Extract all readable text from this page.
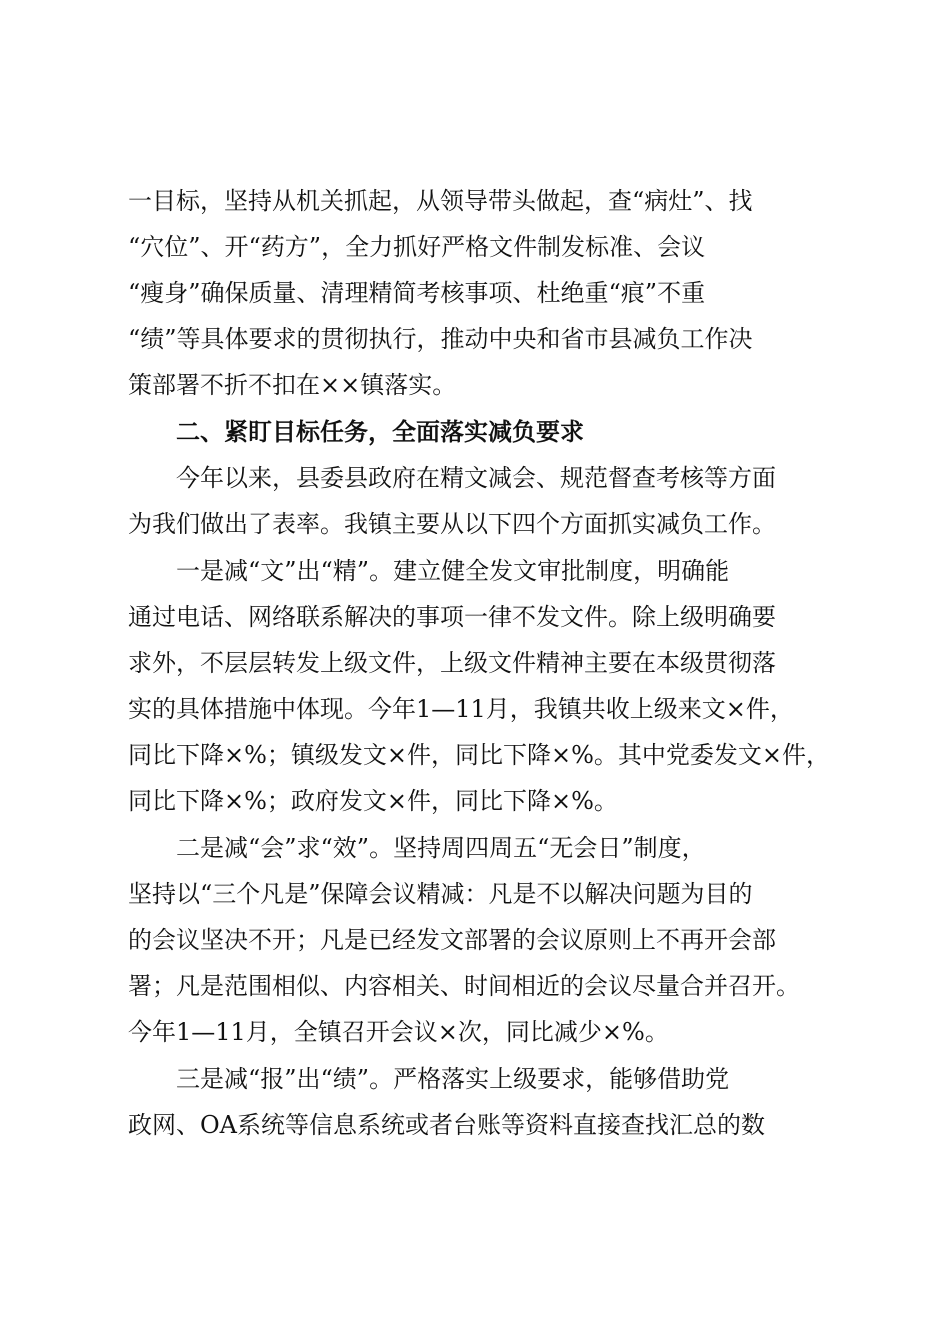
一目标，坚持从机关抓起，从领导带头做起，查“病灶”、找
“穴位”、开“药方”，全力抓好严格文件制发标准、会议
“瘦身”确保质量、清理精简考核事项、杜绝重“痕”不重
“绩”等具体要求的贯彻执行，推动中央和省市县减负工作决
策部署不折不扣在××镇落实。
二、紧盯目标任务，全面落实减负要求
今年以来，县委县政府在精文减会、规范督查考核等方面
为我们做出了表率。我镇主要从以下四个方面抓实减负工作。
一是减“文”出“精”。建立健全发文审批制度，明确能
通过电话、网络联系解决的事项一律不发文件。除上级明确要
求外，不层层转发上级文件，上级文件精神主要在本级贯彻落
实的具体措施中体现。今年1—11月，我镇共收上级来文×件，
同比下降×%；镇级发文×件，同比下降×%。其中党委发文×件，
同比下降×%；政府发文×件，同比下降×%。
二是减“会”求“效”。坚持周四周五“无会日”制度，
坚持以“三个凡是”保障会议精减：凡是不以解决问题为目的
的会议坚决不开；凡是已经发文部署的会议原则上不再开会部
署；凡是范围相似、内容相关、时间相近的会议尽量合并召开。
今年1—11月，全镇召开会议×次，同比减少×%。
三是减“报”出“绩”。严格落实上级要求，能够借助党
政网、OA系统等信息系统或者台账等资料直接查找汇总的数
